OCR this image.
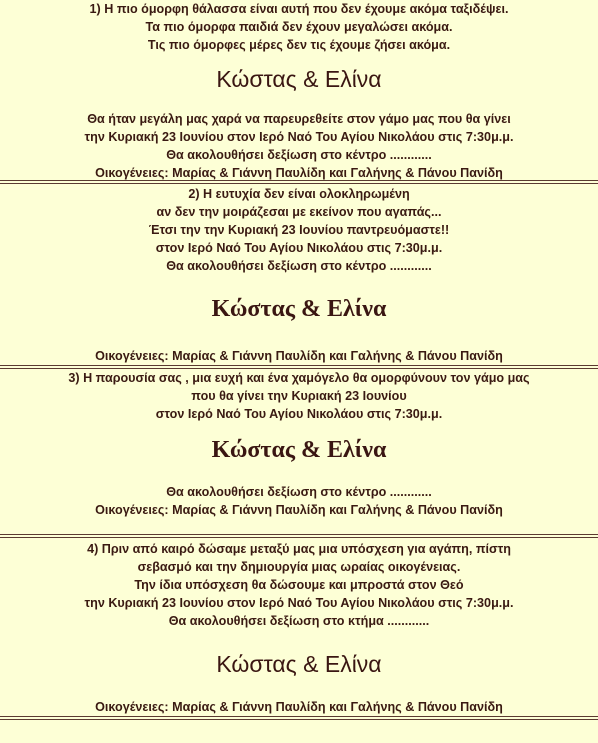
1) Η πιο όμορφη θάλασσα είναι αυτή που δεν έχουμε ακόμα ταξιδέψει.
Τα πιο όμορφα παιδιά δεν έχουν μεγαλώσει ακόμα.
Τις πιο όμορφες μέρες δεν τις έχουμε ζήσει ακόμα.
Κώστας & Ελίνα
Θα ήταν μεγάλη μας χαρά να παρευρεθείτε στον γάμο μας που θα γίνει
την Κυριακή 23 Ιουνίου στον Ιερό Ναό Του Αγίου Νικολάου στις 7:30μ.μ.
Θα ακολουθήσει δεξίωση στο κέντρο ............
Οικογένειες: Μαρίας & Γιάννη Παυλίδη και Γαλήνης & Πάνου Πανίδη
2) Η ευτυχία δεν είναι ολοκληρωμένη
αν δεν την μοιράζεσαι με εκείνον που αγαπάς...
Έτσι την την Κυριακή 23 Ιουνίου παντρευόμαστε!!
στον Ιερό Ναό Του Αγίου Νικολάου στις 7:30μ.μ.
Θα ακολουθήσει δεξίωση στο κέντρο ............
Κώστας & Ελίνα
Οικογένειες: Μαρίας & Γιάννη Παυλίδη και Γαλήνης & Πάνου Πανίδη
3) Η παρουσία σας , μια ευχή και ένα χαμόγελο θα ομορφύνουν τον γάμο μας
που θα γίνει την Κυριακή 23 Ιουνίου
στον Ιερό Ναό Του Αγίου Νικολάου στις 7:30μ.μ.
Κώστας & Ελίνα
Θα ακολουθήσει δεξίωση στο κέντρο ............
Οικογένειες: Μαρίας & Γιάννη Παυλίδη και Γαλήνης & Πάνου Πανίδη
4) Πριν από καιρό δώσαμε μεταξύ μας μια υπόσχεση για αγάπη, πίστη
σεβασμό και την δημιουργία μιας ωραίας οικογένειας.
Την ίδια υπόσχεση θα δώσουμε και μπροστά στον Θεό
την Κυριακή 23 Ιουνίου στον Ιερό Ναό Του Αγίου Νικολάου στις 7:30μ.μ.
Θα ακολουθήσει δεξίωση στο κτήμα ............
Κώστας & Ελίνα
Οικογένειες: Μαρίας & Γιάννη Παυλίδη και Γαλήνης & Πάνου Πανίδη
